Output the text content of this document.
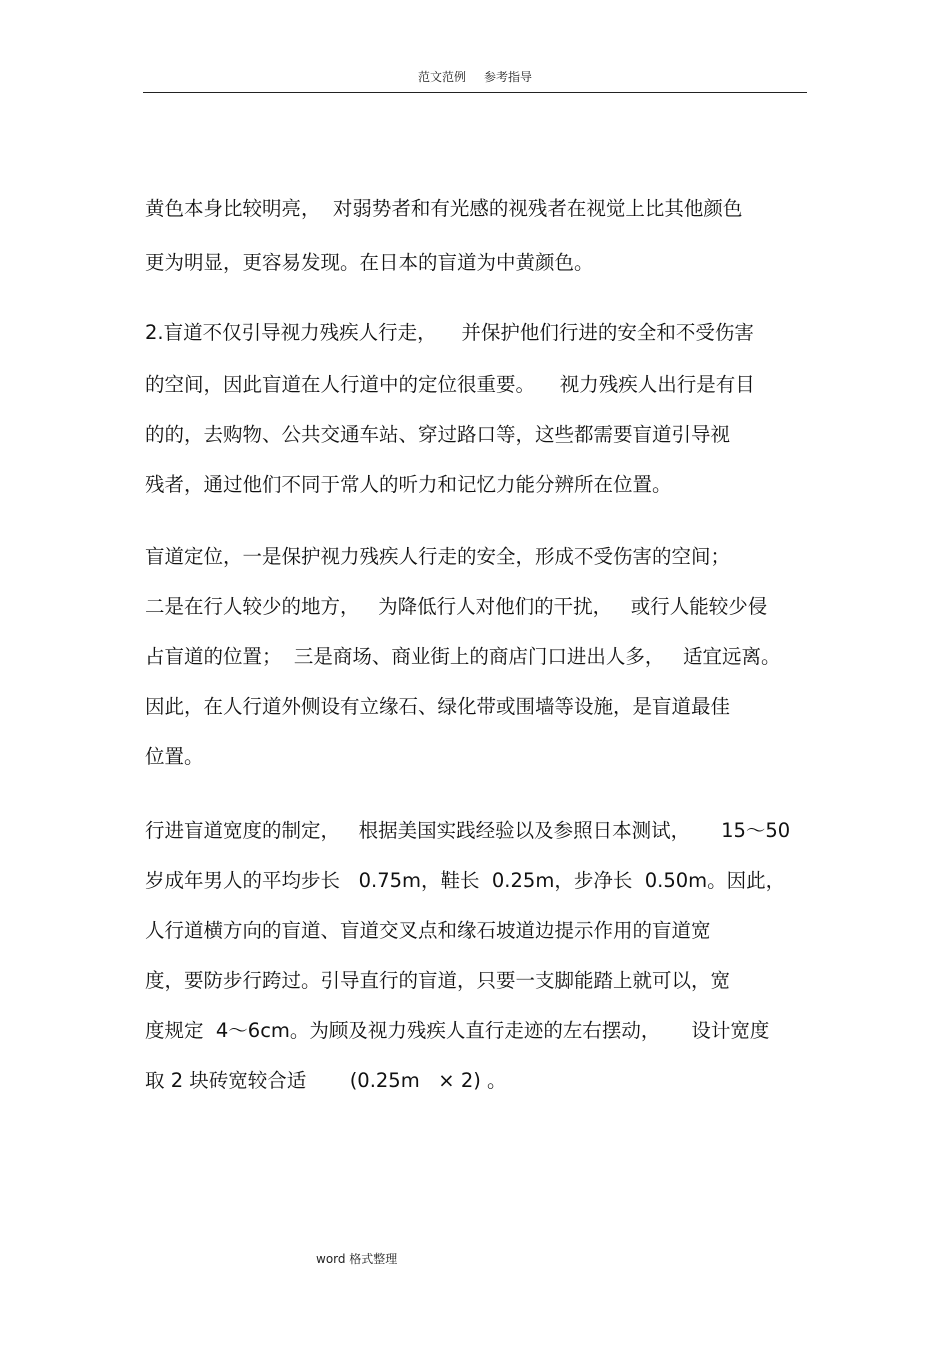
范文范例 参考指导
黄色本身比较明亮，  对弱势者和有光感的视残者在视觉上比其他颜色
更为明显，更容易发现。在日本的盲道为中黄颜色。
2.盲道不仅引导视力残疾人行走，    并保护他们行进的安全和不受伤害
的空间，因此盲道在人行道中的定位很重要。    视力残疾人出行是有目
的的，去购物、公共交通车站、穿过路口等，这些都需要盲道引导视
残者，通过他们不同于常人的听力和记忆力能分辨所在位置。
盲道定位，一是保护视力残疾人行走的安全，形成不受伤害的空间；
二是在行人较少的地方，   为降低行人对他们的干扰，   或行人能较少侵
占盲道的位置；  三是商场、商业街上的商店门口进出人多，   适宜远离。
因此，在人行道外侧设有立缘石、绿化带或围墙等设施，是盲道最佳
位置。
行进盲道宽度的制定，   根据美国实践经验以及参照日本测试，     15～50
岁成年男人的平均步长   0.75m，鞋长  0.25m，步净长  0.50m。因此，
人行道横方向的盲道、盲道交叉点和缘石坡道边提示作用的盲道宽
度，要防步行跨过。引导直行的盲道，只要一支脚能踏上就可以，宽
度规定  4～6cm。为顾及视力残疾人直行走迹的左右摆动，     设计宽度
取 2 块砖宽较合适       (0.25m   × 2) 。
word 格式整理
